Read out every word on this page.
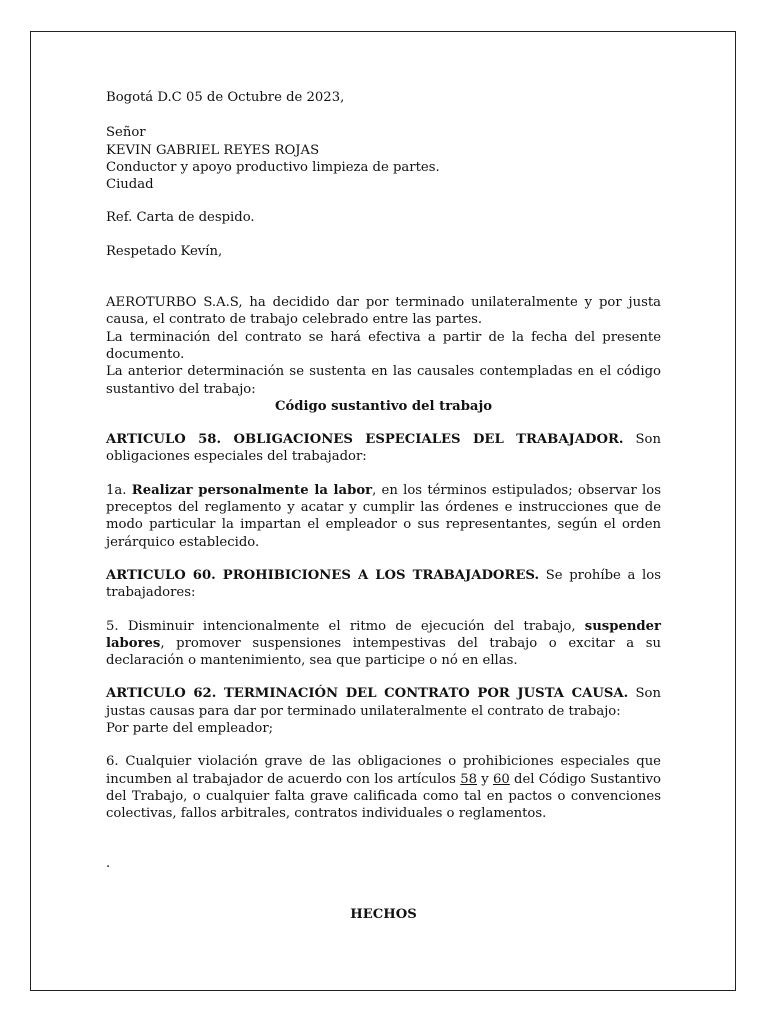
Bogotá D.C 05 de Octubre de 2023,

Señor

KEVIN GABRIEL REYES ROJAS

Conductor y apoyo productivo limpieza de partes.

Ciudad

Ref. Carta de despido.

Respetado Kevín,

AEROTURBO S.A.S, ha decidido dar por terminado unilateralmente y por justa causa, el contrato de trabajo celebrado entre las partes.

La terminación del contrato se hará efectiva a partir de la fecha del presente documento.

La anterior determinación se sustenta en las causales contempladas en el código sustantivo del trabajo:

Código sustantivo del trabajo

ARTICULO 58. OBLIGACIONES ESPECIALES DEL TRABAJADOR. Son obligaciones especiales del trabajador:

1a. Realizar personalmente la labor, en los términos estipulados; observar los preceptos del reglamento y acatar y cumplir las órdenes e instrucciones que de modo particular la impartan el empleador o sus representantes, según el orden jerárquico establecido.

ARTICULO 60. PROHIBICIONES A LOS TRABAJADORES. Se prohíbe a los trabajadores:

5. Disminuir intencionalmente el ritmo de ejecución del trabajo, suspender labores, promover suspensiones intempestivas del trabajo o excitar a su declaración o mantenimiento, sea que participe o nó en ellas.

ARTICULO 62. TERMINACIÓN DEL CONTRATO POR JUSTA CAUSA. Son justas causas para dar por terminado unilateralmente el contrato de trabajo:

Por parte del empleador;

6. Cualquier violación grave de las obligaciones o prohibiciones especiales que incumben al trabajador de acuerdo con los artículos 58 y 60 del Código Sustantivo del Trabajo, o cualquier falta grave calificada como tal en pactos o convenciones colectivas, fallos arbitrales, contratos individuales o reglamentos.

.

HECHOS
